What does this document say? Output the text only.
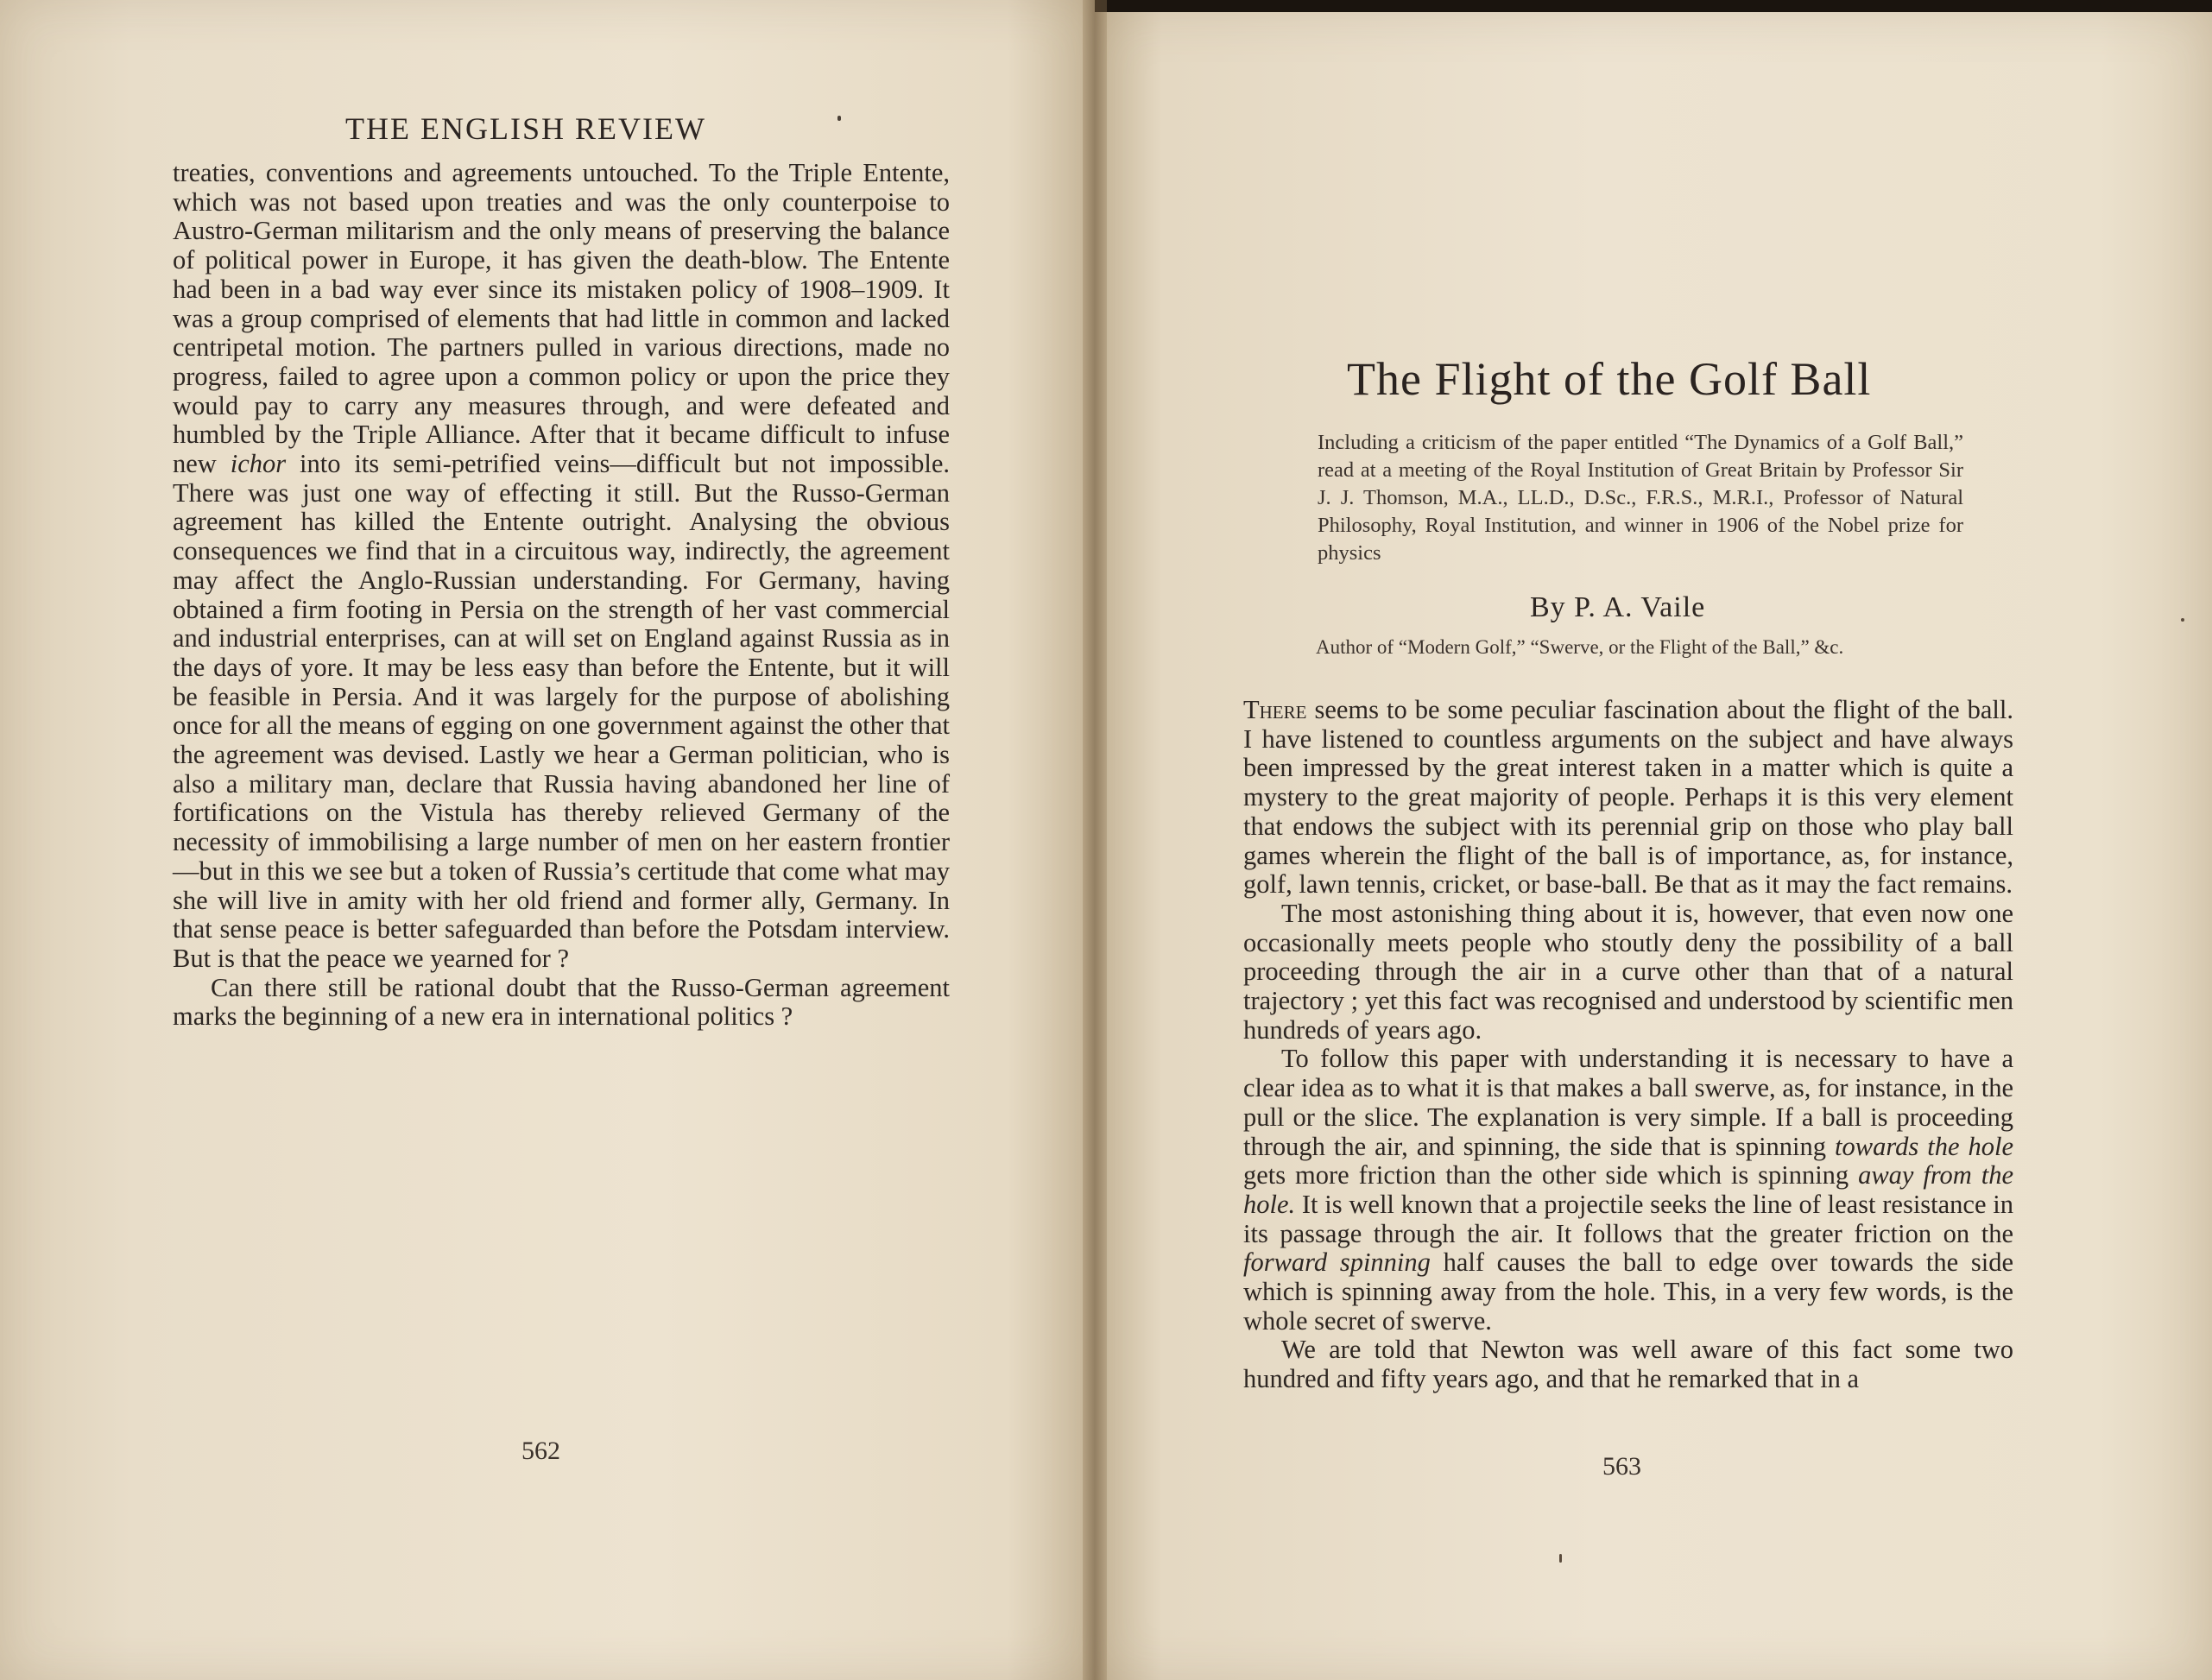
THE ENGLISH REVIEW

treaties, conventions and agreements untouched. To the Triple Entente, which was not based upon treaties and was the only counterpoise to Austro-German militarism and the only means of preserving the balance of political power in Europe, it has given the death-blow. The Entente had been in a bad way ever since its mistaken policy of 1908–1909. It was a group comprised of elements that had little in common and lacked centripetal motion. The partners pulled in various directions, made no progress, failed to agree upon a common policy or upon the price they would pay to carry any measures through, and were defeated and humbled by the Triple Alliance. After that it became difficult to infuse new ichor into its semi-petrified veins—difficult but not impossible. There was just one way of effecting it still. But the Russo-German agreement has killed the Entente outright. Analysing the obvious consequences we find that in a circuitous way, indirectly, the agreement may affect the Anglo-Russian understanding. For Germany, having obtained a firm footing in Persia on the strength of her vast commercial and industrial enterprises, can at will set on England against Russia as in the days of yore. It may be less easy than before the Entente, but it will be feasible in Persia. And it was largely for the purpose of abolishing once for all the means of egging on one government against the other that the agreement was devised. Lastly we hear a German politician, who is also a military man, declare that Russia having abandoned her line of fortifications on the Vistula has thereby relieved Germany of the necessity of immobilising a large number of men on her eastern frontier—but in this we see but a token of Russia’s certitude that come what may she will live in amity with her old friend and former ally, Germany. In that sense peace is better safeguarded than before the Potsdam interview. But is that the peace we yearned for ?

Can there still be rational doubt that the Russo-German agreement marks the beginning of a new era in international politics ?

562
The Flight of the Golf Ball
Including a criticism of the paper entitled “The Dynamics of a Golf Ball,” read at a meeting of the Royal Institution of Great Britain by Professor Sir J. J. Thomson, M.A., LL.D., D.Sc., F.R.S., M.R.I., Professor of Natural Philosophy, Royal Institution, and winner in 1906 of the Nobel prize for physics
By P. A. Vaile
Author of “Modern Golf,” “Swerve, or the Flight of the Ball,” &c.

There seems to be some peculiar fascination about the flight of the ball. I have listened to countless arguments on the subject and have always been impressed by the great interest taken in a matter which is quite a mystery to the great majority of people. Perhaps it is this very element that endows the subject with its perennial grip on those who play ball games wherein the flight of the ball is of importance, as, for instance, golf, lawn tennis, cricket, or base-ball. Be that as it may the fact remains.

The most astonishing thing about it is, however, that even now one occasionally meets people who stoutly deny the possibility of a ball proceeding through the air in a curve other than that of a natural trajectory ; yet this fact was recognised and understood by scientific men hundreds of years ago.

To follow this paper with understanding it is necessary to have a clear idea as to what it is that makes a ball swerve, as, for instance, in the pull or the slice. The explanation is very simple. If a ball is proceeding through the air, and spinning, the side that is spinning towards the hole gets more friction than the other side which is spinning away from the hole. It is well known that a projectile seeks the line of least resistance in its passage through the air. It follows that the greater friction on the forward spinning half causes the ball to edge over towards the side which is spinning away from the hole. This, in a very few words, is the whole secret of swerve.

We are told that Newton was well aware of this fact some two hundred and fifty years ago, and that he remarked that in a

563
